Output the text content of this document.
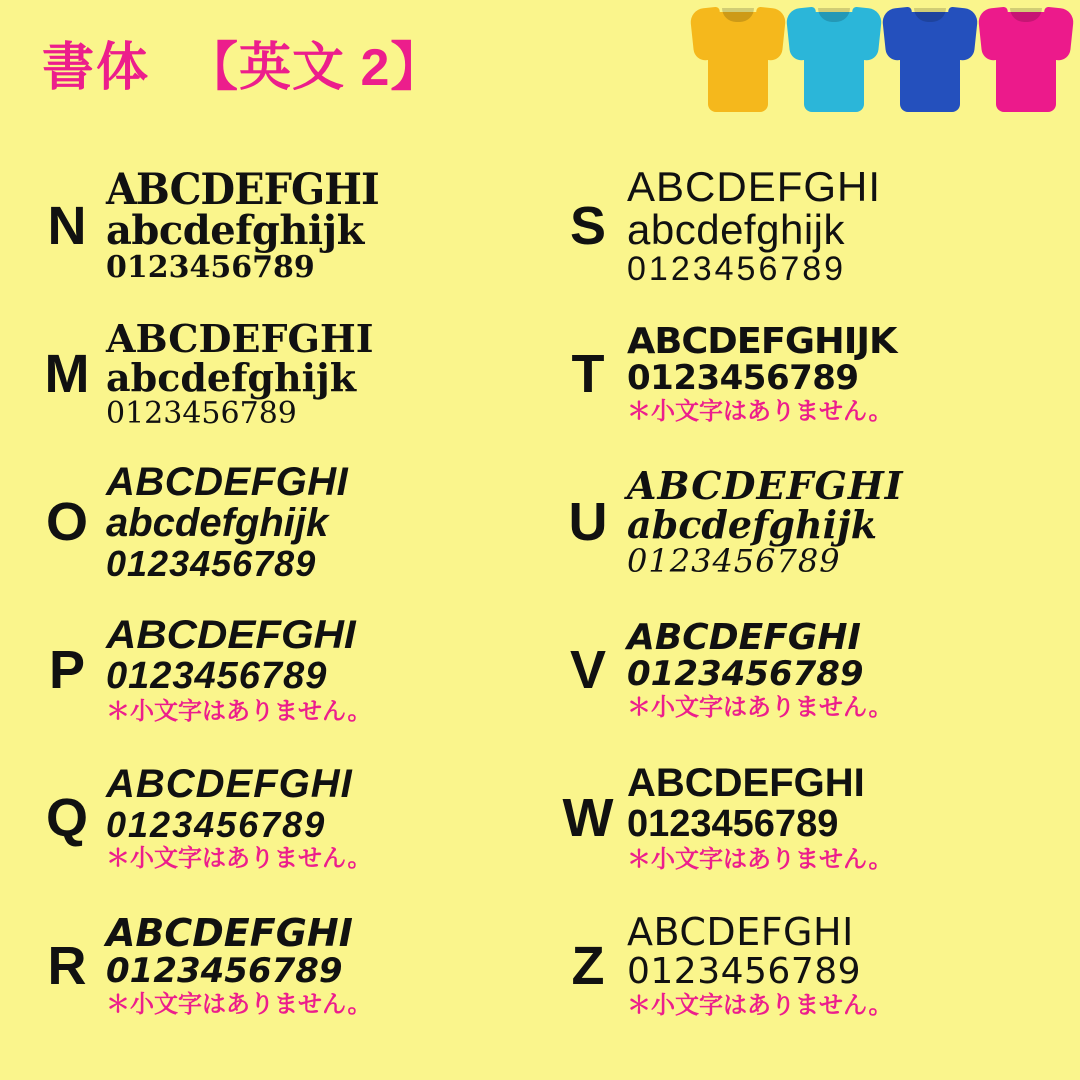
書体 【英文 2】
N
ABCDEFGHI
abcdefghijk
0123456789
M
ABCDEFGHI
abcdefghijk
0123456789
O
ABCDEFGHI
abcdefghijk
0123456789
P
ABCDEFGHI
0123456789
＊小文字はありません。
Q
ABCDEFGHI
0123456789
＊小文字はありません。
R
ABCDEFGHI
0123456789
＊小文字はありません。
S
ABCDEFGHI
abcdefghijk
0123456789
T
ABCDEFGHIJK
0123456789
＊小文字はありません。
U
ABCDEFGHI
abcdefghijk
0123456789
V
ABCDEFGHI
0123456789
＊小文字はありません。
W
ABCDEFGHI
0123456789
＊小文字はありません。
Z
ABCDEFGHI
0123456789
＊小文字はありません。
